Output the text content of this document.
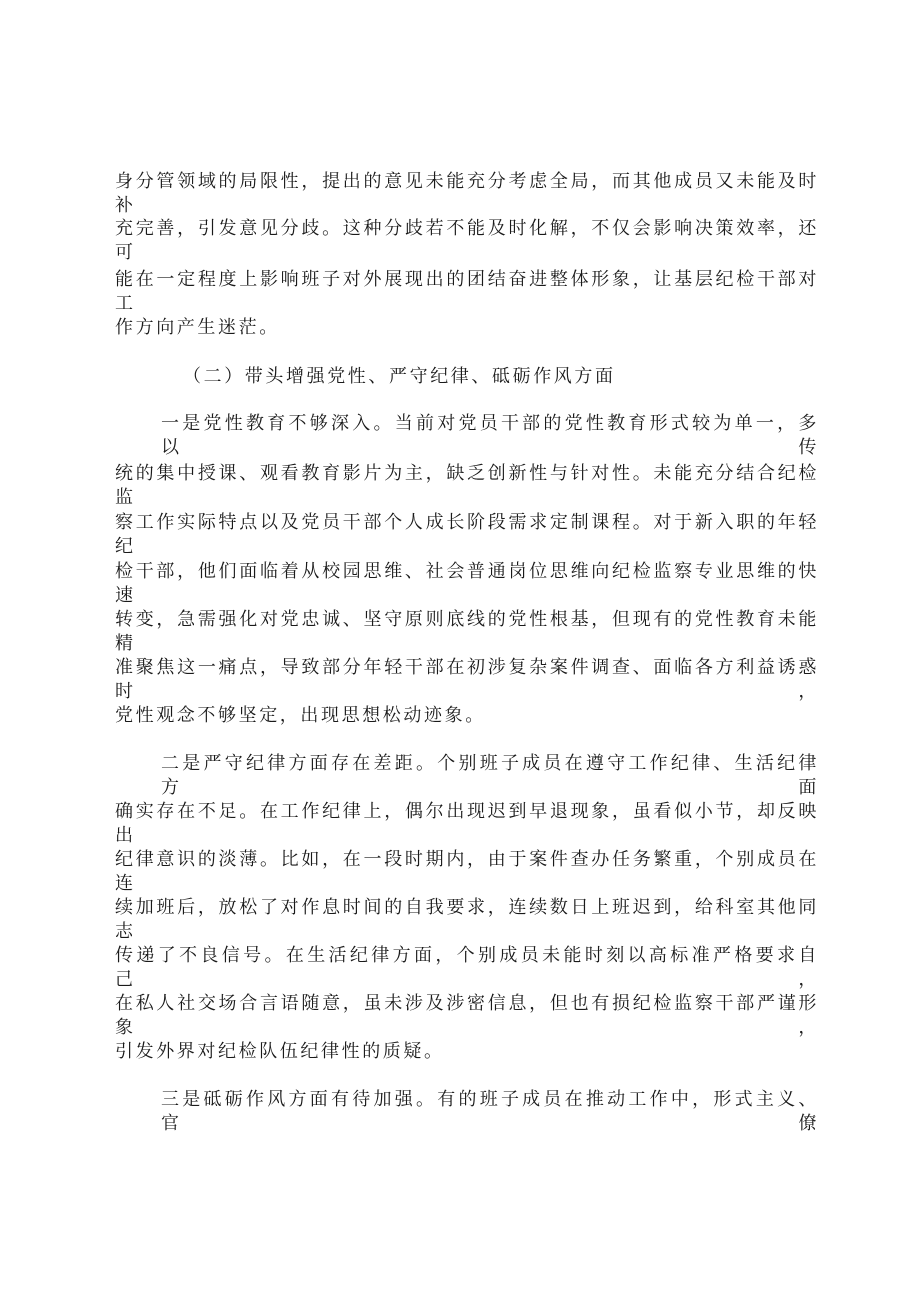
身分管领域的局限性，提出的意见未能充分考虑全局，而其他成员又未能及时补
充完善，引发意见分歧。这种分歧若不能及时化解，不仅会影响决策效率，还可
能在一定程度上影响班子对外展现出的团结奋进整体形象，让基层纪检干部对工
作方向产生迷茫。
（二）带头增强党性、严守纪律、砥砺作风方面
一是党性教育不够深入。当前对党员干部的党性教育形式较为单一，多以传
统的集中授课、观看教育影片为主，缺乏创新性与针对性。未能充分结合纪检监
察工作实际特点以及党员干部个人成长阶段需求定制课程。对于新入职的年轻纪
检干部，他们面临着从校园思维、社会普通岗位思维向纪检监察专业思维的快速
转变，急需强化对党忠诚、坚守原则底线的党性根基，但现有的党性教育未能精
准聚焦这一痛点，导致部分年轻干部在初涉复杂案件调查、面临各方利益诱惑时，
党性观念不够坚定，出现思想松动迹象。
二是严守纪律方面存在差距。个别班子成员在遵守工作纪律、生活纪律方面
确实存在不足。在工作纪律上，偶尔出现迟到早退现象，虽看似小节，却反映出
纪律意识的淡薄。比如，在一段时期内，由于案件查办任务繁重，个别成员在连
续加班后，放松了对作息时间的自我要求，连续数日上班迟到，给科室其他同志
传递了不良信号。在生活纪律方面，个别成员未能时刻以高标准严格要求自己，
在私人社交场合言语随意，虽未涉及涉密信息，但也有损纪检监察干部严谨形象，
引发外界对纪检队伍纪律性的质疑。
三是砥砺作风方面有待加强。有的班子成员在推动工作中，形式主义、官僚
